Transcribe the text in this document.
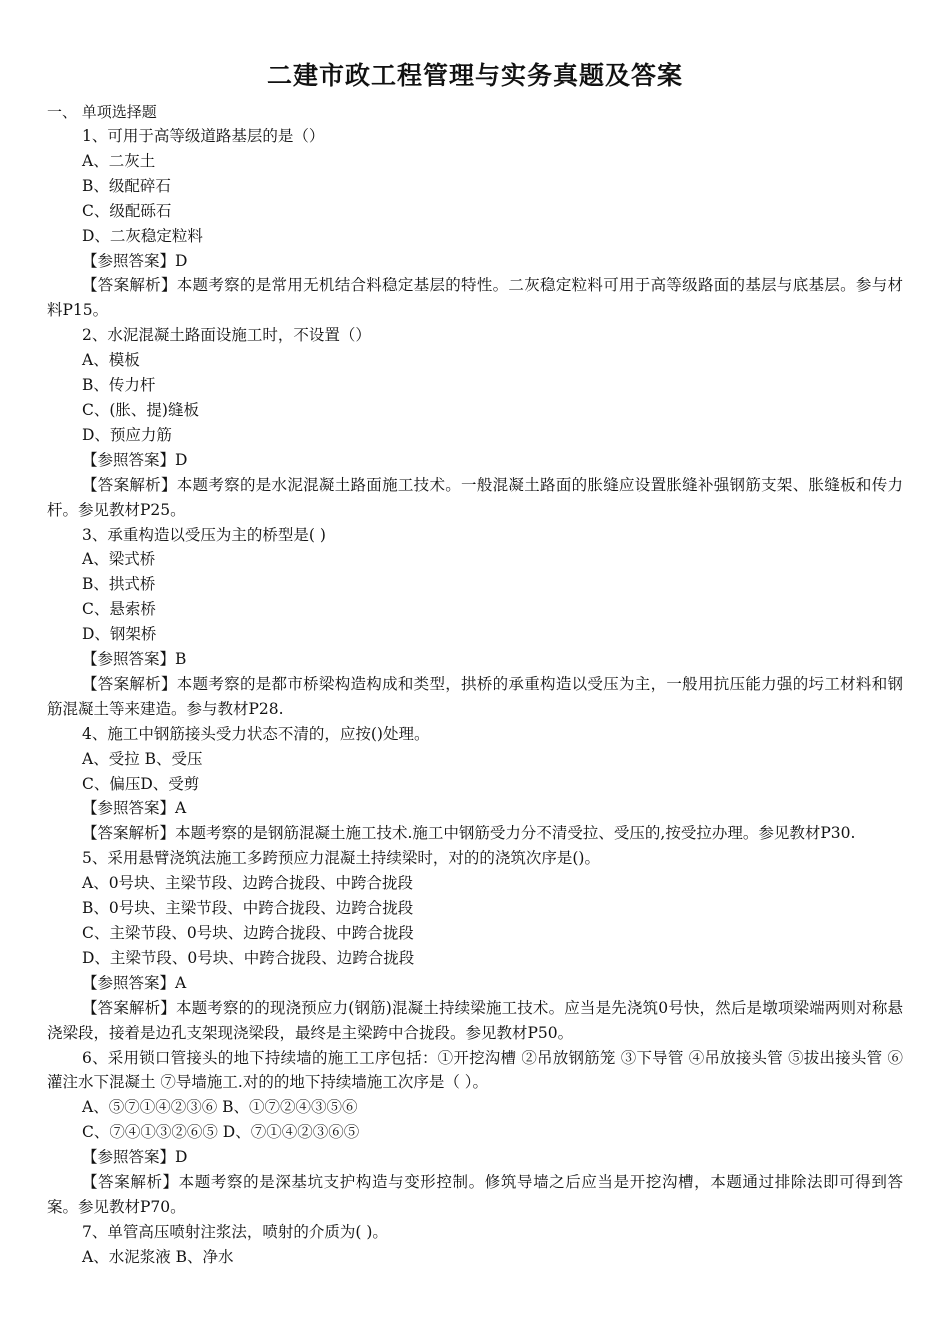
二建市政工程管理与实务真题及答案
一、 单项选择题
1、可用于高等级道路基层的是（）
A、二灰土
B、级配碎石
C、级配砾石
D、二灰稳定粒料
【参照答案】D
【答案解析】本题考察的是常用无机结合料稳定基层的特性。二灰稳定粒料可用于高等级路面的基层与底基层。参与材料P15。
2、水泥混凝土路面设施工时，不设置（）
A、模板
B、传力杆
C、(胀、提)缝板
D、预应力筋
【参照答案】D
【答案解析】本题考察的是水泥混凝土路面施工技术。一般混凝土路面的胀缝应设置胀缝补强钢筋支架、胀缝板和传力杆。参见教材P25。
3、承重构造以受压为主的桥型是( )
A、梁式桥
B、拱式桥
C、悬索桥
D、钢架桥
【参照答案】B
【答案解析】本题考察的是都市桥梁构造构成和类型，拱桥的承重构造以受压为主，一般用抗压能力强的圬工材料和钢筋混凝土等来建造。参与教材P28.
4、施工中钢筋接头受力状态不清的，应按()处理。
A、受拉 B、受压
C、偏压D、受剪
【参照答案】A
【答案解析】本题考察的是钢筋混凝土施工技术.施工中钢筋受力分不清受拉、受压的,按受拉办理。参见教材P30.
5、采用悬臂浇筑法施工多跨预应力混凝土持续梁时，对的的浇筑次序是()。
A、0号块、主梁节段、边跨合拢段、中跨合拢段
B、0号块、主梁节段、中跨合拢段、边跨合拢段
C、主梁节段、0号块、边跨合拢段、中跨合拢段
D、主梁节段、0号块、中跨合拢段、边跨合拢段
【参照答案】A
【答案解析】本题考察的的现浇预应力(钢筋)混凝土持续梁施工技术。应当是先浇筑0号快，然后是墩项梁端两则对称悬浇梁段，接着是边孔支架现浇梁段，最终是主梁跨中合拢段。参见教材P50。
6、采用锁口管接头的地下持续墙的施工工序包括：①开挖沟槽 ②吊放钢筋笼 ③下导管 ④吊放接头管 ⑤拔出接头管 ⑥灌注水下混凝土 ⑦导墙施工.对的的地下持续墙施工次序是（ ）。
A、⑤⑦①④②③⑥ B、①⑦②④③⑤⑥
C、⑦④①③②⑥⑤ D、⑦①④②③⑥⑤
【参照答案】D
【答案解析】本题考察的是深基坑支护构造与变形控制。修筑导墙之后应当是开挖沟槽，本题通过排除法即可得到答案。参见教材P70。
7、单管高压喷射注浆法，喷射的介质为( )。
A、水泥浆液 B、净水
